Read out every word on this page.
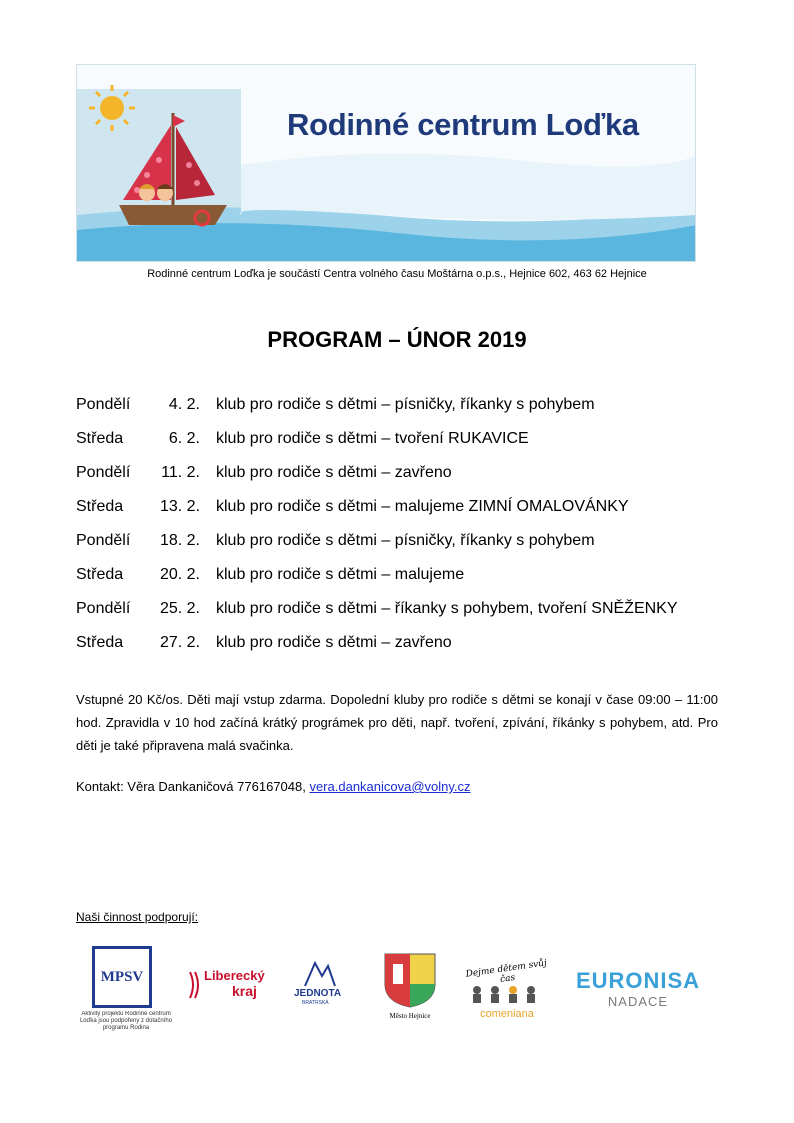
Rodinné centrum Loďka
Rodinné centrum Loďka je součástí Centra volného času Moštárna o.p.s., Hejnice 602, 463 62 Hejnice
PROGRAM – ÚNOR 2019
Pondělí	4. 2. klub pro rodiče s dětmi – písničky, říkanky s pohybem
Středa	6. 2. klub pro rodiče s dětmi – tvoření RUKAVICE
Pondělí	11. 2. klub pro rodiče s dětmi – zavřeno
Středa	13. 2. klub pro rodiče s dětmi – malujeme ZIMNÍ OMALOVÁNKY
Pondělí	18. 2. klub pro rodiče s dětmi – písničky, říkanky s pohybem
Středa	20. 2. klub pro rodiče s dětmi – malujeme
Pondělí	25. 2. klub pro rodiče s dětmi – říkanky s pohybem, tvoření SNĚŽENKY
Středa	27. 2. klub pro rodiče s dětmi – zavřeno
Vstupné 20 Kč/os. Děti mají vstup zdarma. Dopolední kluby pro rodiče s dětmi se konají v čase 09:00 – 11:00 hod. Zpravidla v 10 hod začíná krátký prográmek pro děti, např. tvoření, zpívání, říkánky s pohybem, atd. Pro děti je také připravena malá svačinka.
Kontakt: Věra Dankaničová 776167048, vera.dankanicova@volny.cz
Naši činnost podporují:
MPSV
Aktivity projektu Rodinné centrum Loďka jsou podpořeny z dotačního programu Rodina
Liberecký
kraj	JEDNOTA
BRATRSKÁ
Město Hejnice
Dejme dětem svůj čas
comeniana
EURONISA
NADACE
